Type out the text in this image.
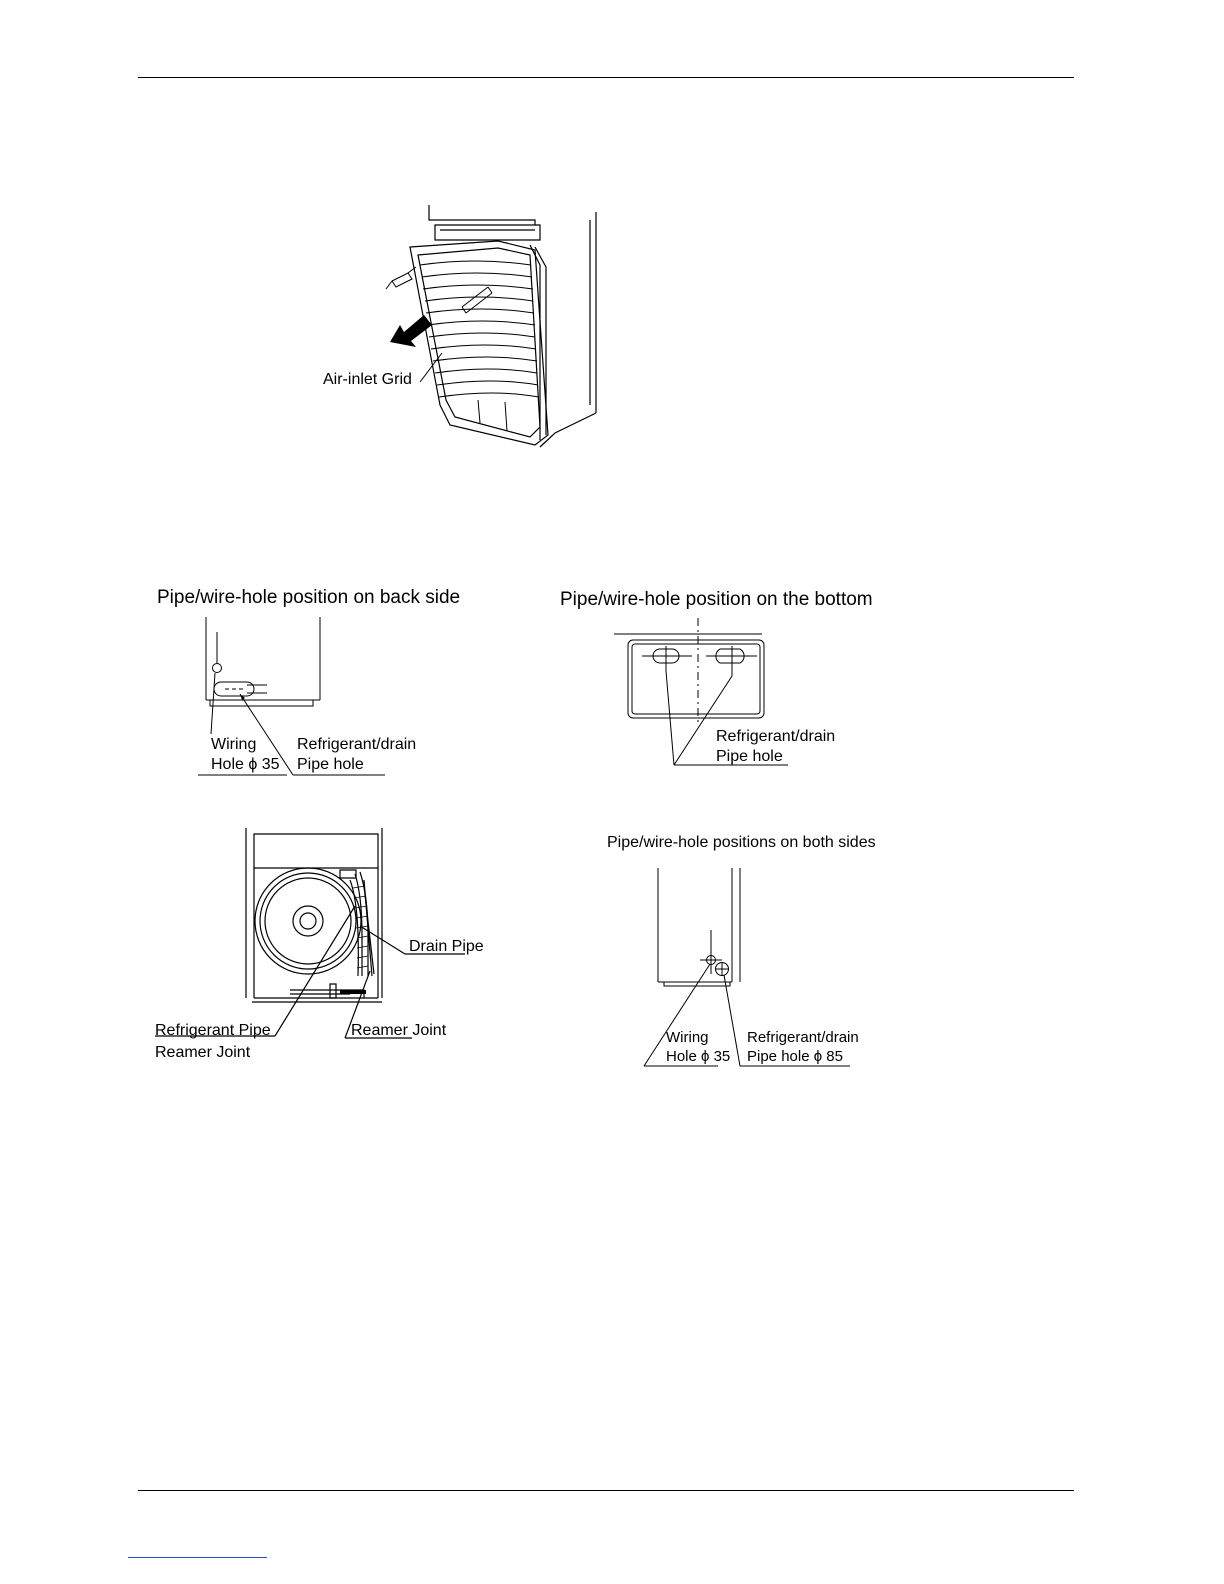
Air-inlet Grid
Pipe/wire-hole position on back side
Wiring
Hole ϕ 35
Refrigerant/drain
Pipe hole
Pipe/wire-hole position on the bottom
Refrigerant/drain
Pipe hole
Drain Pipe
Refrigerant Pipe
Reamer Joint
Reamer Joint
Pipe/wire-hole positions on both sides
Wiring
Hole ϕ 35
Refrigerant/drain
Pipe hole ϕ 85
